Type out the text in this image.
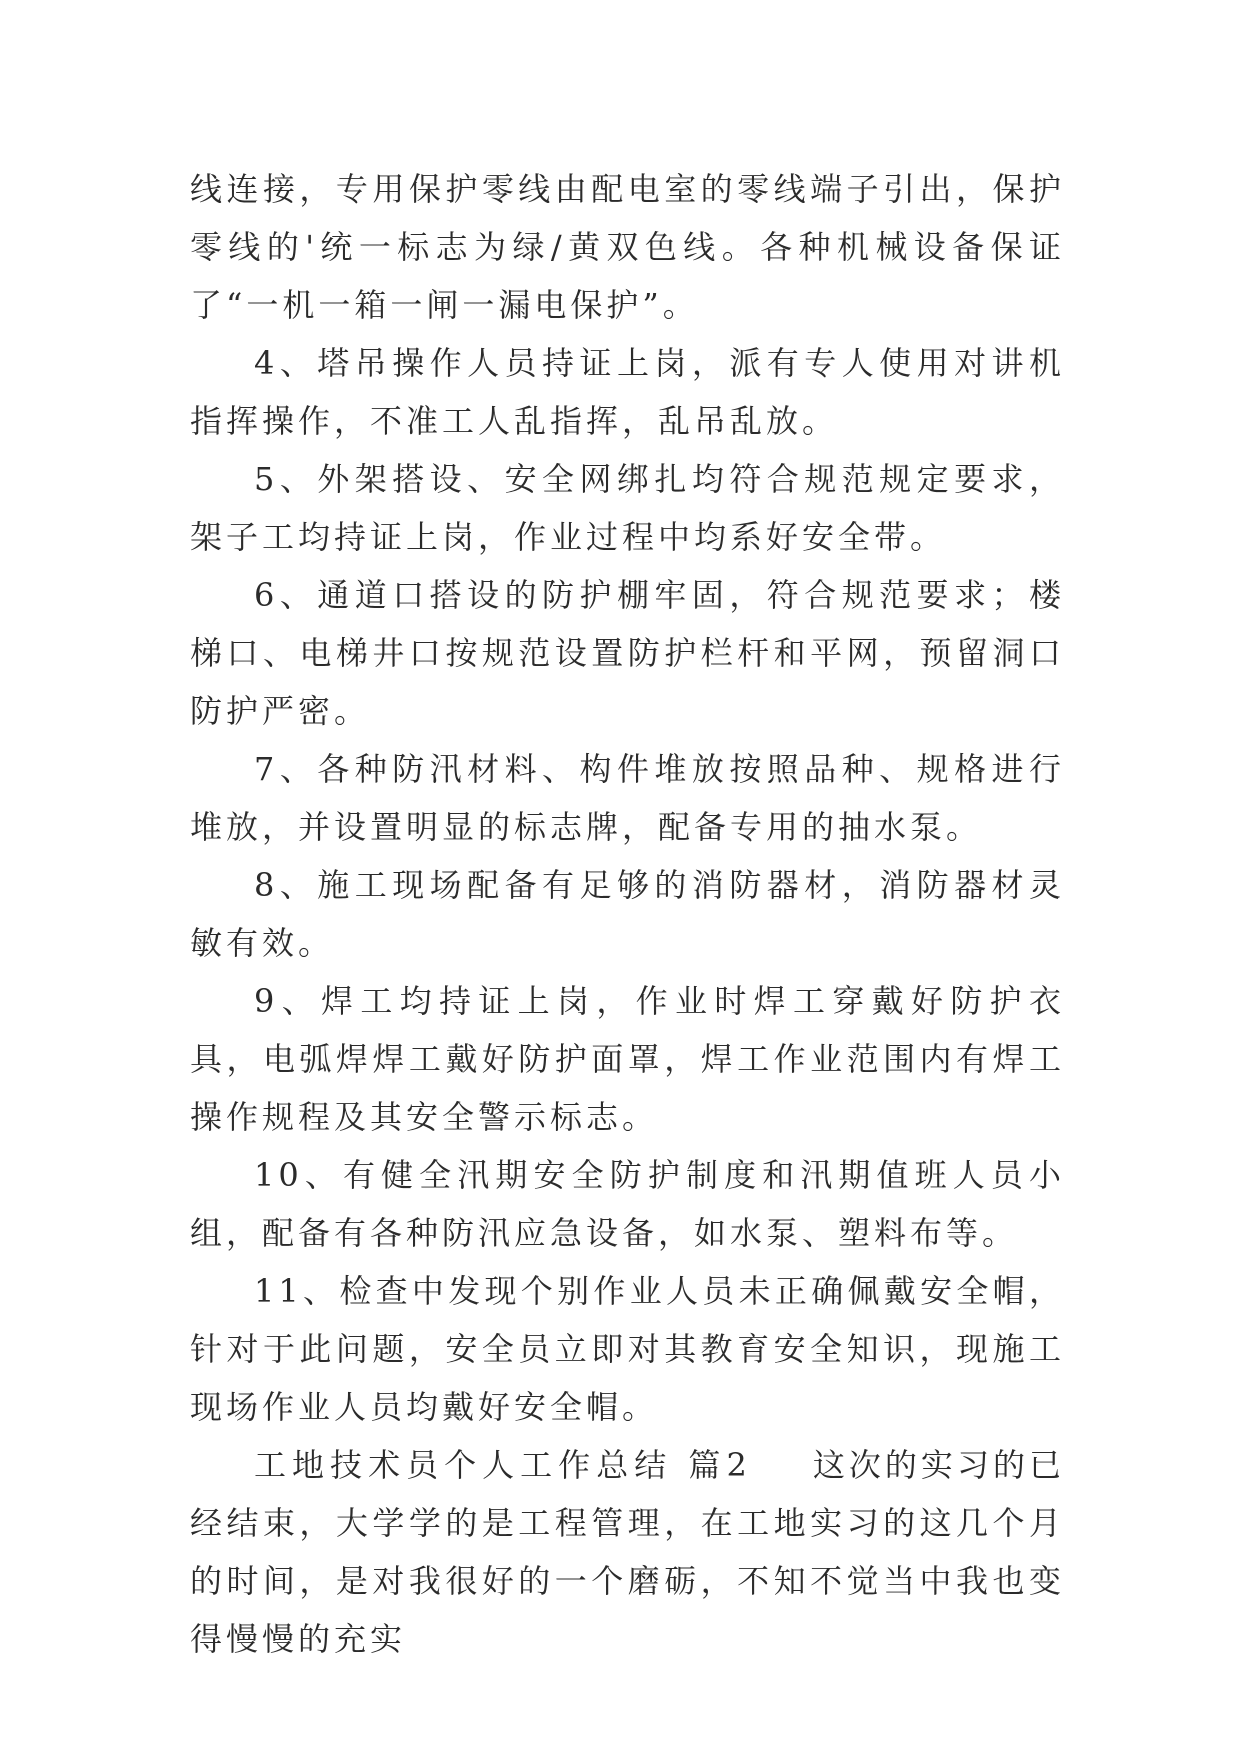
线连接，专用保护零线由配电室的零线端子引出，保护零线的'统一标志为绿/黄双色线。各种机械设备保证了“一机一箱一闸一漏电保护”。

4、塔吊操作人员持证上岗，派有专人使用对讲机指挥操作，不准工人乱指挥，乱吊乱放。

5、外架搭设、安全网绑扎均符合规范规定要求，架子工均持证上岗，作业过程中均系好安全带。

6、通道口搭设的防护棚牢固，符合规范要求；楼梯口、电梯井口按规范设置防护栏杆和平网，预留洞口防护严密。

7、各种防汛材料、构件堆放按照品种、规格进行堆放，并设置明显的标志牌，配备专用的抽水泵。

8、施工现场配备有足够的消防器材，消防器材灵敏有效。

9、焊工均持证上岗，作业时焊工穿戴好防护衣具，电弧焊焊工戴好防护面罩，焊工作业范围内有焊工操作规程及其安全警示标志。

10、有健全汛期安全防护制度和汛期值班人员小组，配备有各种防汛应急设备，如水泵、塑料布等。

11、检查中发现个别作业人员未正确佩戴安全帽，针对于此问题，安全员立即对其教育安全知识，现施工现场作业人员均戴好安全帽。

工地技术员个人工作总结 篇2 这次的实习的已经结束，大学学的是工程管理，在工地实习的这几个月的时间，是对我很好的一个磨砺，不知不觉当中我也变得慢慢的充实
